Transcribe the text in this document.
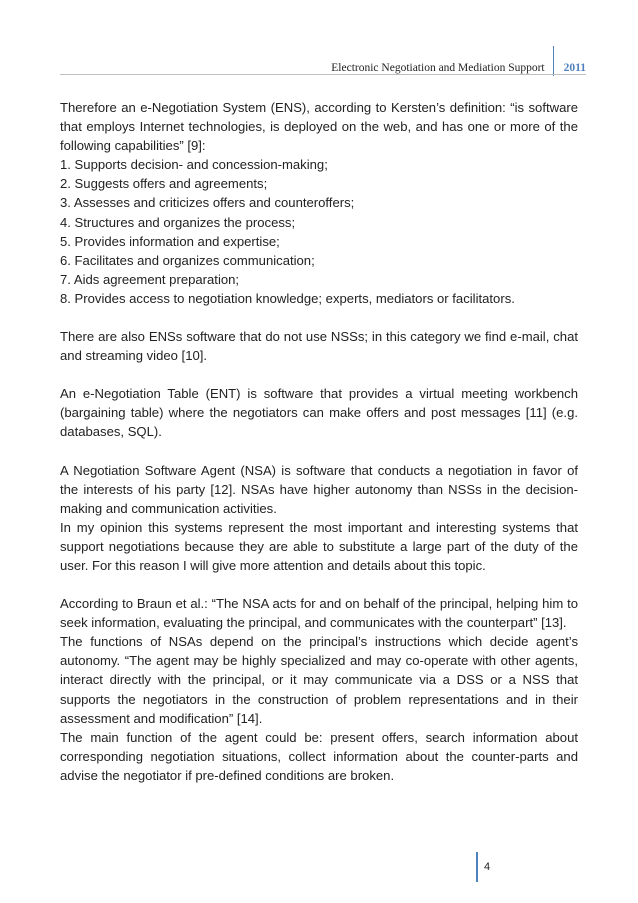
Electronic Negotiation and Mediation Support	2011

Therefore an e-Negotiation System (ENS), according to Kersten’s definition: “is software that employs Internet technologies, is deployed on the web, and has one or more of the following capabilities” [9]:

1. Supports decision- and concession-making;
2. Suggests offers and agreements;
3. Assesses and criticizes offers and counteroffers;
4. Structures and organizes the process;
5. Provides information and expertise;
6. Facilitates and organizes communication;
7. Aids agreement preparation;
8. Provides access to negotiation knowledge; experts, mediators or facilitators.

There are also ENSs software that do not use NSSs; in this category we find e-mail, chat and streaming video [10].

An e-Negotiation Table (ENT) is software that provides a virtual meeting workbench (bargaining table) where the negotiators can make offers and post messages [11] (e.g. databases, SQL).

A Negotiation Software Agent (NSA) is software that conducts a negotiation in favor of the interests of his party [12]. NSAs have higher autonomy than NSSs in the decision-making and communication activities.

In my opinion this systems represent the most important and interesting systems that support negotiations because they are able to substitute a large part of the duty of the user. For this reason I will give more attention and details about this topic.

According to Braun et al.: “The NSA acts for and on behalf of the principal, helping him to seek information, evaluating the principal, and communicates with the counterpart” [13].

The functions of NSAs depend on the principal’s instructions which decide agent’s autonomy. “The agent may be highly specialized and may co-operate with other agents, interact directly with the principal, or it may communicate via a DSS or a NSS that supports the negotiators in the construction of problem representations and in their assessment and modification” [14].

The main function of the agent could be: present offers, search information about corresponding negotiation situations, collect information about the counter-parts and advise the negotiator if pre-defined conditions are broken.

4
